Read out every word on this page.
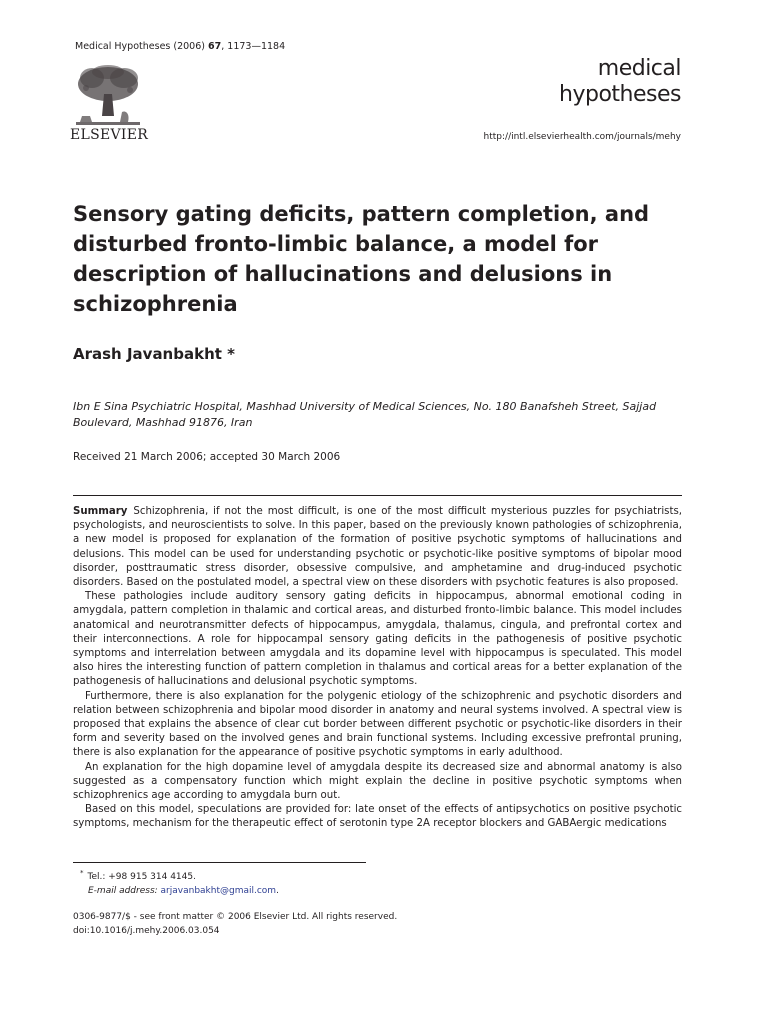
Medical Hypotheses (2006) 67, 1173—1184
ELSEVIER
medical
hypotheses
http://intl.elsevierhealth.com/journals/mehy
Sensory gating deficits, pattern completion, and disturbed fronto-limbic balance, a model for description of hallucinations and delusions in schizophrenia
Arash Javanbakht *
Ibn E Sina Psychiatric Hospital, Mashhad University of Medical Sciences, No. 180 Banafsheh Street, Sajjad Boulevard, Mashhad 91876, Iran
Received 21 March 2006; accepted 30 March 2006

Summary Schizophrenia, if not the most difficult, is one of the most difficult mysterious puzzles for psychiatrists, psychologists, and neuroscientists to solve. In this paper, based on the previously known pathologies of schizophrenia, a new model is proposed for explanation of the formation of positive psychotic symptoms of hallucinations and delusions. This model can be used for understanding psychotic or psychotic-like positive symptoms of bipolar mood disorder, posttraumatic stress disorder, obsessive compulsive, and amphetamine and drug-induced psychotic disorders. Based on the postulated model, a spectral view on these disorders with psychotic features is also proposed.

These pathologies include auditory sensory gating deficits in hippocampus, abnormal emotional coding in amygdala, pattern completion in thalamic and cortical areas, and disturbed fronto-limbic balance. This model includes anatomical and neurotransmitter defects of hippocampus, amygdala, thalamus, cingula, and prefrontal cortex and their interconnections. A role for hippocampal sensory gating deficits in the pathogenesis of positive psychotic symptoms and interrelation between amygdala and its dopamine level with hippocampus is speculated. This model also hires the interesting function of pattern completion in thalamus and cortical areas for a better explanation of the pathogenesis of hallucinations and delusional psychotic symptoms.

Furthermore, there is also explanation for the polygenic etiology of the schizophrenic and psychotic disorders and relation between schizophrenia and bipolar mood disorder in anatomy and neural systems involved. A spectral view is proposed that explains the absence of clear cut border between different psychotic or psychotic-like disorders in their form and severity based on the involved genes and brain functional systems. Including excessive prefrontal pruning, there is also explanation for the appearance of positive psychotic symptoms in early adulthood.

An explanation for the high dopamine level of amygdala despite its decreased size and abnormal anatomy is also suggested as a compensatory function which might explain the decline in positive psychotic symptoms when schizophrenics age according to amygdala burn out.

Based on this model, speculations are provided for: late onset of the effects of antipsychotics on positive psychotic symptoms, mechanism for the therapeutic effect of serotonin type 2A receptor blockers and GABAergic medications

* Tel.: +98 915 314 4145.
E-mail address: arjavanbakht@gmail.com.
0306-9877/$ - see front matter © 2006 Elsevier Ltd. All rights reserved.
doi:10.1016/j.mehy.2006.03.054
